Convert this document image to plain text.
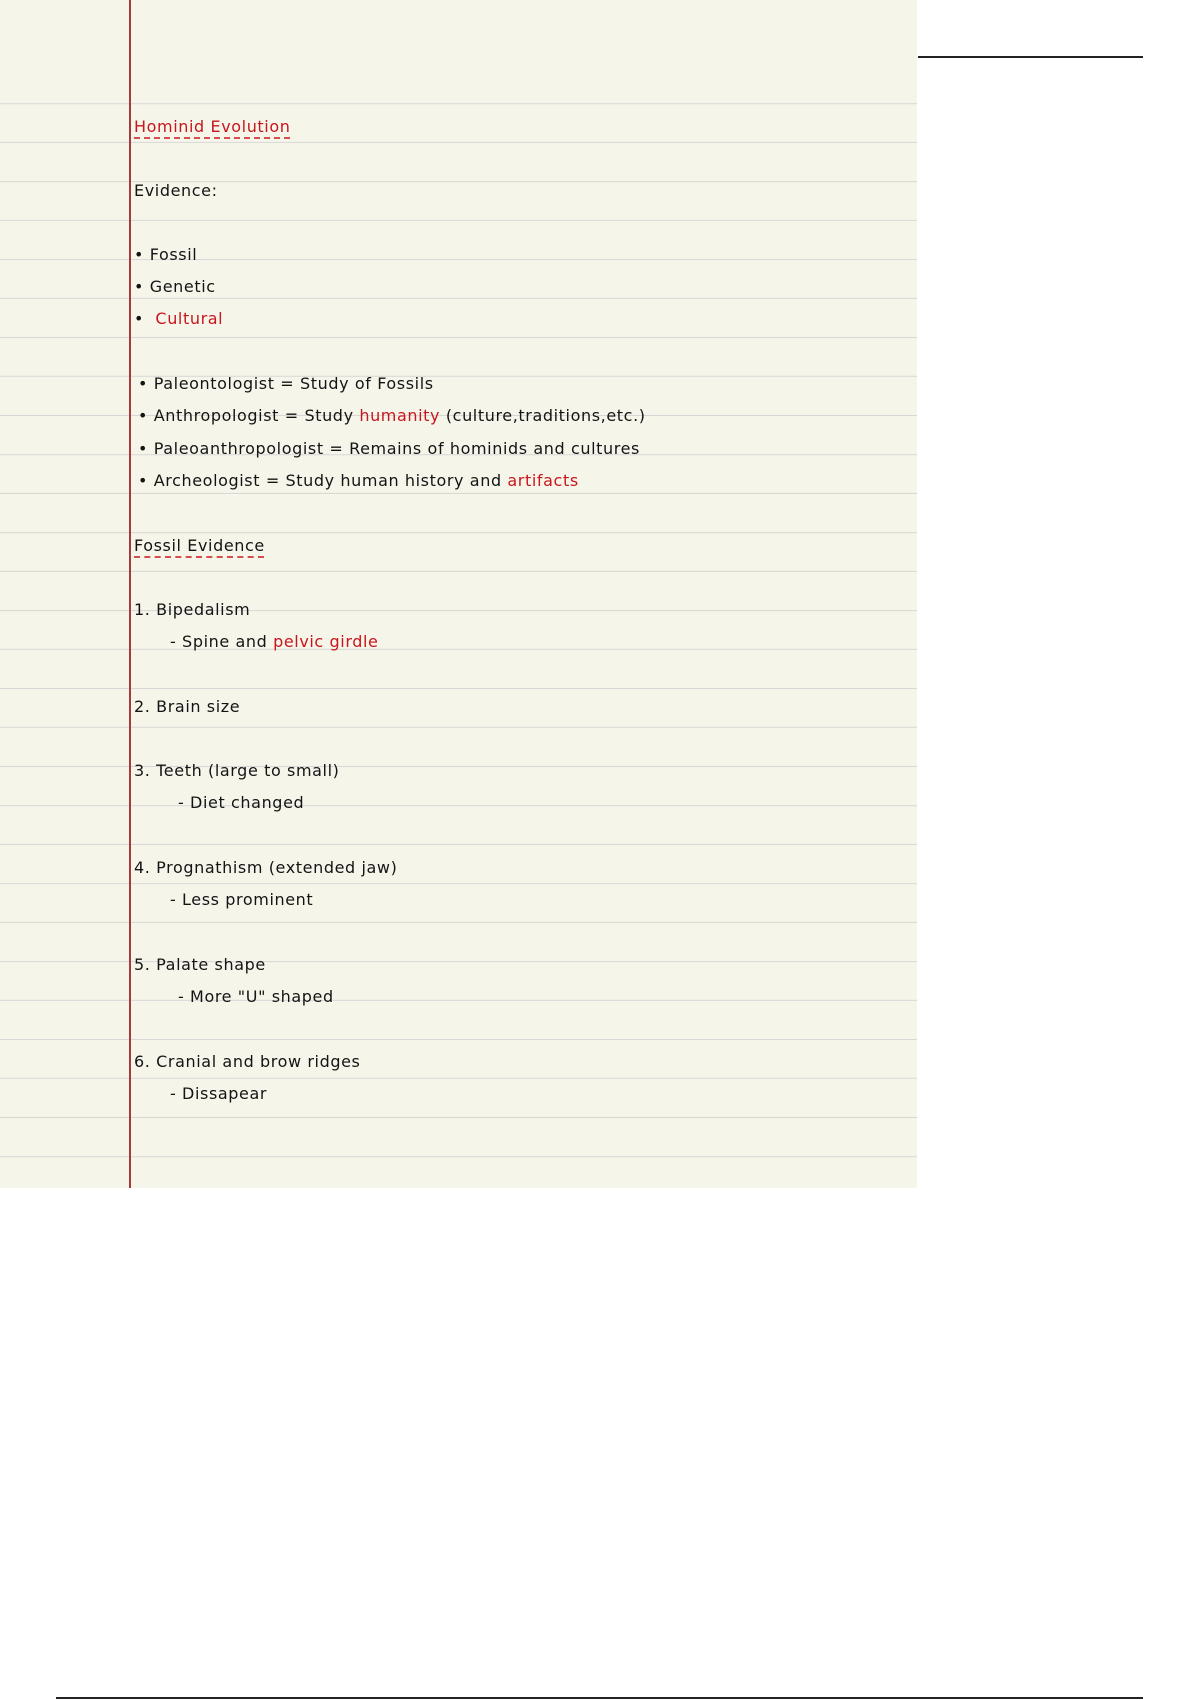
Hominid Evolution
Evidence:
• Fossil
• Genetic
•  Cultural
• Paleontologist = Study of Fossils
• Anthropologist = Study humanity (culture,traditions,etc.)
• Paleoanthropologist = Remains of hominids and cultures
• Archeologist = Study human history and artifacts
Fossil Evidence
1. Bipedalism
- Spine and pelvic girdle
2. Brain size
3. Teeth (large to small)
- Diet changed
4. Prognathism (extended jaw)
- Less prominent
5. Palate shape
- More "U" shaped
6. Cranial and brow ridges
- Dissapear
